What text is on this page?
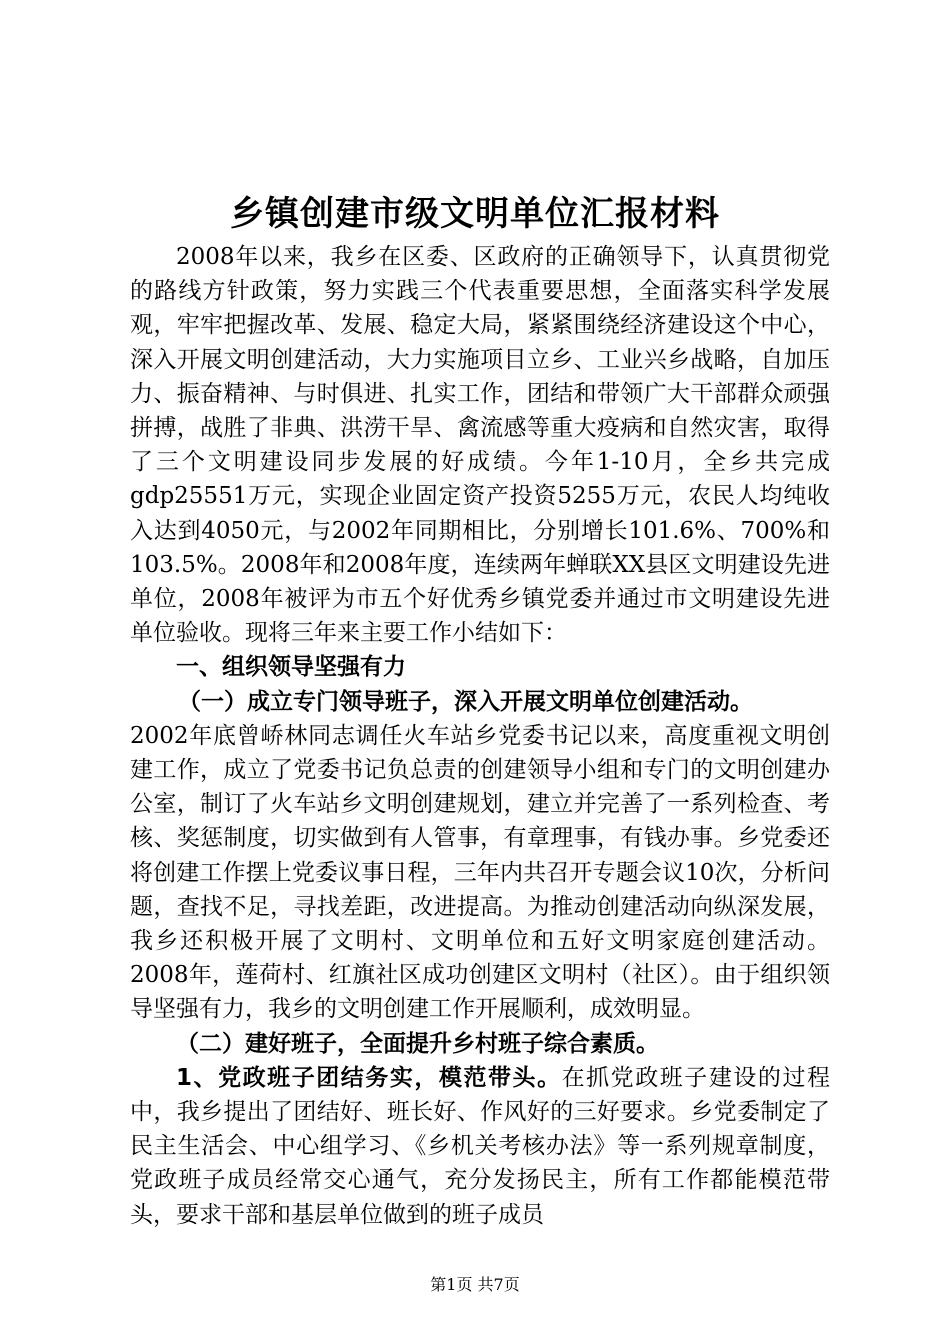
乡镇创建市级文明单位汇报材料

2008年以来，我乡在区委、区政府的正确领导下，认真贯彻党的路线方针政策，努力实践三个代表重要思想，全面落实科学发展观，牢牢把握改革、发展、稳定大局，紧紧围绕经济建设这个中心，深入开展文明创建活动，大力实施项目立乡、工业兴乡战略，自加压力、振奋精神、与时俱进、扎实工作，团结和带领广大干部群众顽强拼搏，战胜了非典、洪涝干旱、禽流感等重大疫病和自然灾害，取得了三个文明建设同步发展的好成绩。今年1-10月，全乡共完成gdp25551万元，实现企业固定资产投资5255万元，农民人均纯收入达到4050元，与2002年同期相比，分别增长101.6%、700%和103.5%。2008年和2008年度，连续两年蝉联XX县区文明建设先进单位，2008年被评为市五个好优秀乡镇党委并通过市文明建设先进单位验收。现将三年来主要工作小结如下：

一、组织领导坚强有力

（一）成立专门领导班子，深入开展文明单位创建活动。

2002年底曾峤林同志调任火车站乡党委书记以来，高度重视文明创建工作，成立了党委书记负总责的创建领导小组和专门的文明创建办公室，制订了火车站乡文明创建规划，建立并完善了一系列检查、考核、奖惩制度，切实做到有人管事，有章理事，有钱办事。乡党委还将创建工作摆上党委议事日程，三年内共召开专题会议10次，分析问题，查找不足，寻找差距，改进提高。为推动创建活动向纵深发展，我乡还积极开展了文明村、文明单位和五好文明家庭创建活动。2008年，莲荷村、红旗社区成功创建区文明村（社区）。由于组织领导坚强有力，我乡的文明创建工作开展顺利，成效明显。

（二）建好班子，全面提升乡村班子综合素质。

1、党政班子团结务实，模范带头。在抓党政班子建设的过程中，我乡提出了团结好、班长好、作风好的三好要求。乡党委制定了民主生活会、中心组学习、《乡机关考核办法》等一系列规章制度，党政班子成员经常交心通气，充分发扬民主，所有工作都能模范带头，要求干部和基层单位做到的班子成员

第1页 共7页
